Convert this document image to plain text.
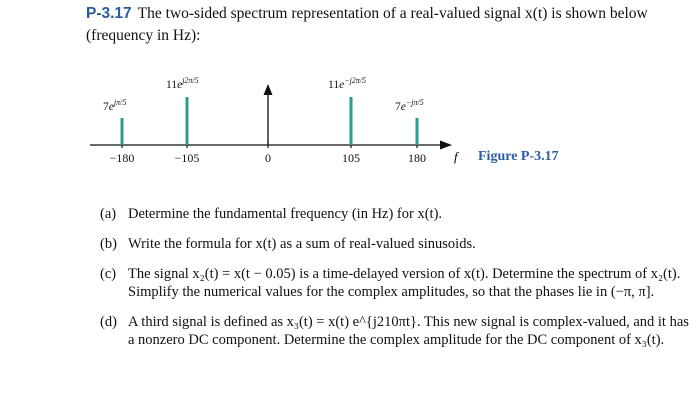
P-3.17 The two-sided spectrum representation of a real-valued signal x(t) is shown below (frequency in Hz):
f
−180	−105	0	105	180
$7e^{j\pi/5}$
$11e^{j2\pi/5}$	$11e^{-j2\pi/5}$
$7e^{-j\pi/5}$
Figure P-3.17
(a) Determine the fundamental frequency (in Hz) for x(t).
(b) Write the formula for x(t) as a sum of real-valued sinusoids.
(c) The signal x₂(t) = x(t − 0.05) is a time-delayed version of x(t). Determine the spectrum of x₂(t). Simplify the numerical values for the complex amplitudes, so that the phases lie in (−π, π].
(d) A third signal is defined as x₃(t) = x(t) e^{j210πt}. This new signal is complex-valued, and it has a nonzero DC component. Determine the complex amplitude for the DC component of x₃(t).
